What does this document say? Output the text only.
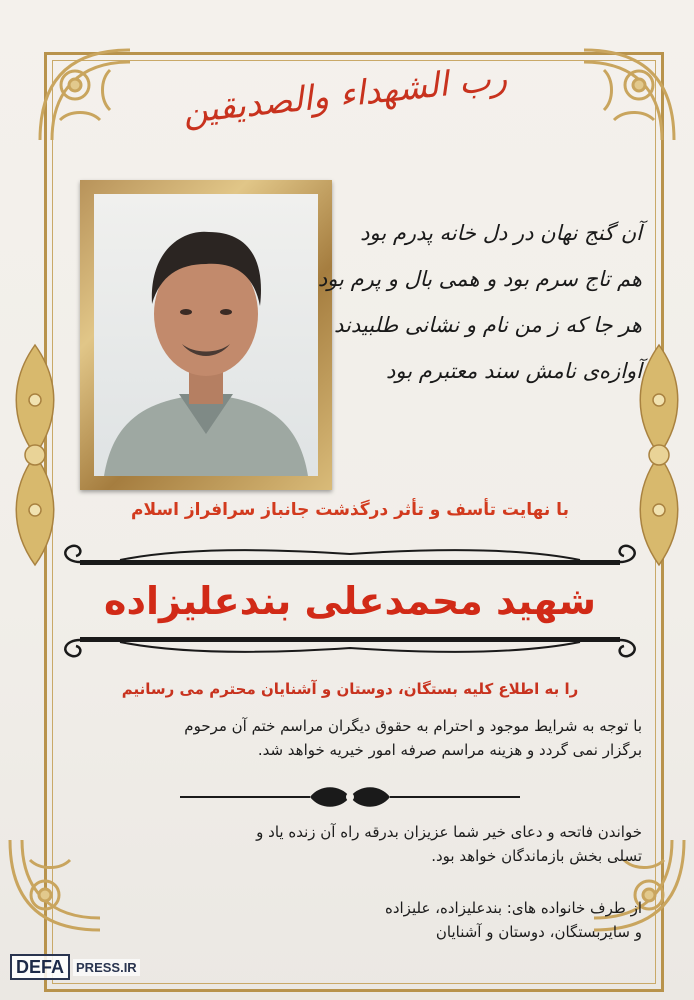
رب الشهداء والصدیقین
آن گنج نهان در دل خانه پدرم بود
هم تاج سرم بود و همی بال و پرم بود
هر جا که ز من نام و نشانی طلبیدند
آوازه‌ی نامش سند معتبرم بود
با نهایت تأسف و تأثر درگذشت جانباز سرافراز اسلام
شهید محمدعلی بندعلیزاده
را به اطلاع کلیه بستگان، دوستان و آشنایان محترم می رسانیم
با توجه به شرایط موجود و احترام به حقوق دیگران مراسم ختم آن مرحوم
برگزار نمی گردد و هزینه مراسم صرفه امور خیریه خواهد شد.
خواندن فاتحه و دعای خیر شما عزیزان بدرقه راه آن زنده یاد و
تسلی بخش بازماندگان خواهد بود.
از طرف خانواده های: بندعلیزاده، علیزاده
و سایربستگان، دوستان و آشنایان
DEFA PRESS.IR
